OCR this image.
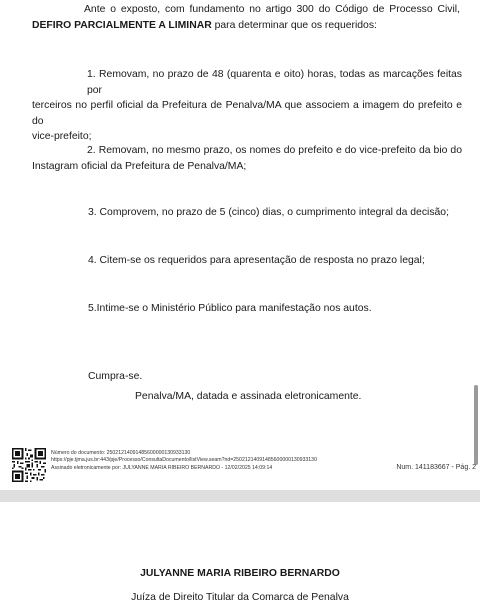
Ante o exposto, com fundamento no artigo 300 do Código de Processo Civil,
DEFIRO PARCIALMENTE A LIMINAR para determinar que os requeridos:
1. Removam, no prazo de 48 (quarenta e oito) horas, todas as marcações feitas por
terceiros no perfil oficial da Prefeitura de Penalva/MA que associem a imagem do prefeito e do
vice-prefeito;
2. Removam, no mesmo prazo, os nomes do prefeito e do vice-prefeito da bio do
Instagram oficial da Prefeitura de Penalva/MA;
3. Comprovem, no prazo de 5 (cinco) dias, o cumprimento integral da decisão;
4. Citem-se os requeridos para apresentação de resposta no prazo legal;
5.Intime-se o Ministério Público para manifestação nos autos.
Cumpra-se.
Penalva/MA, datada e assinada eletronicamente.
Número do documento: 25021214091485600000130933130
https://pje.tjma.jus.br:443/pje/Processo/ConsultaDocumento/listView.seam?nd=25021214091485600000130933130
Assinado eletronicamente por: JULYANNE MARIA RIBEIRO BERNARDO - 12/02/2025 14:09:14	Num. 141183667 - Pág. 2
JULYANNE MARIA RIBEIRO BERNARDO
Juíza de Direito Titular da Comarca de Penalva
